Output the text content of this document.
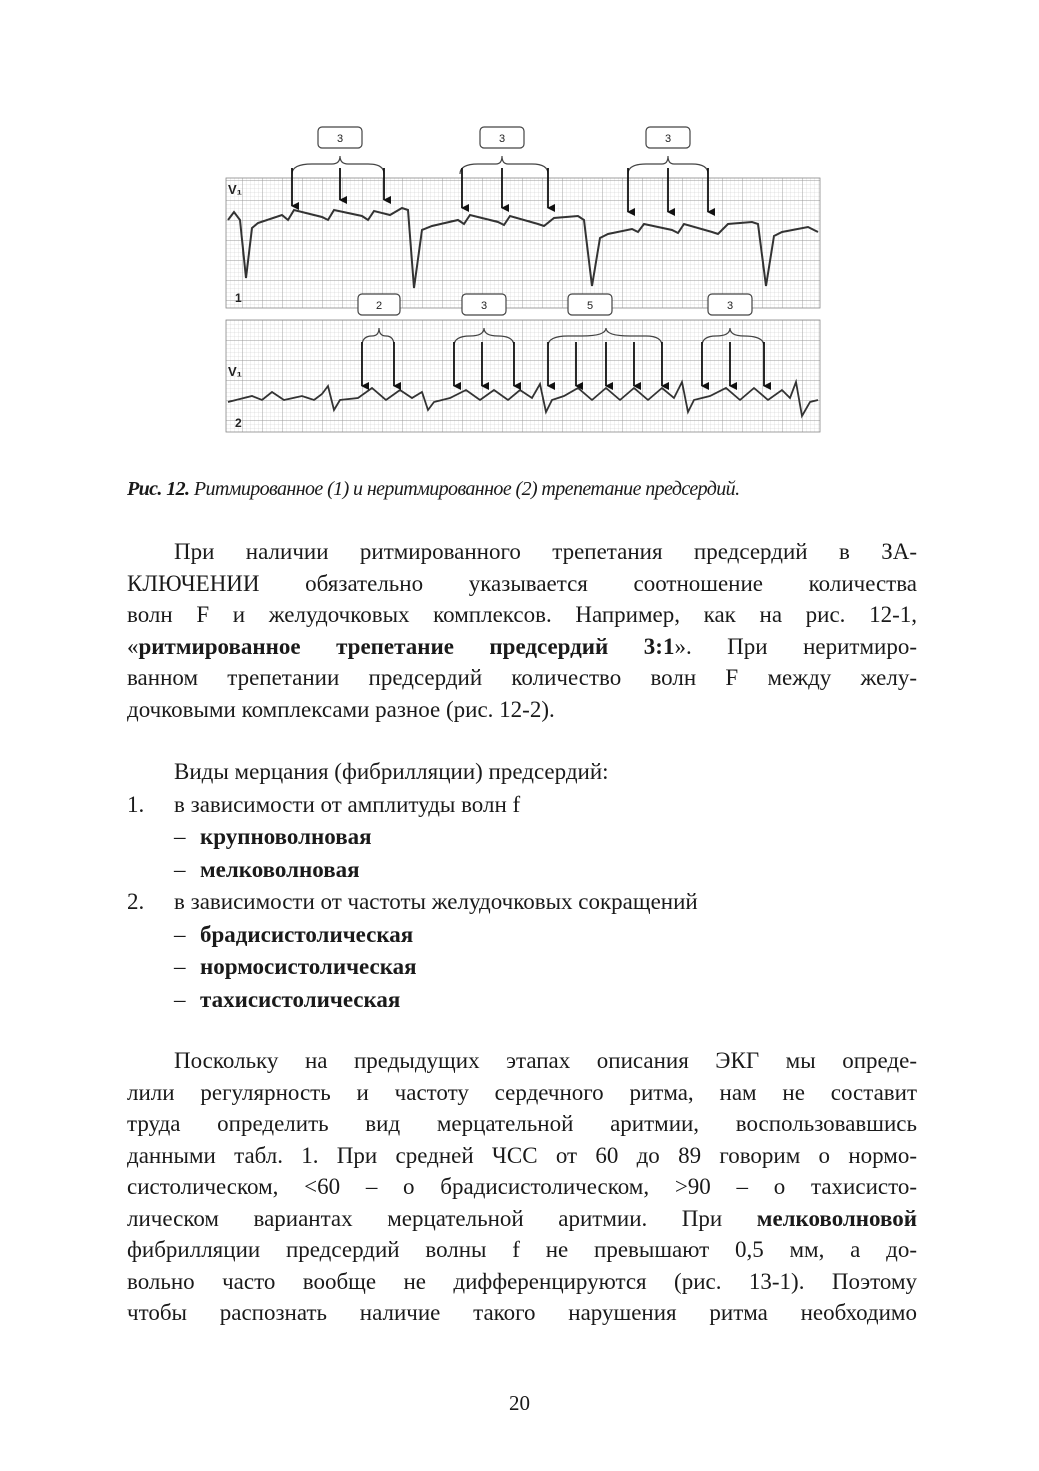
V₁
V₁
1
2
3	3	3
2	3	5	3
Рис. 12. Ритмированное (1) и неритмированное (2) трепетание предсердий.
При наличии ритмированного трепетания предсердий в ЗА-
КЛЮЧЕНИИ обязательно указывается соотношение количества
волн F и желудочковых комплексов. Например, как на рис. 12-1,
«ритмированное трепетание предсердий 3:1». При неритмиро-
ванном трепетании предсердий количество волн F между желу-
дочковыми комплексами разное (рис. 12-2).
Виды мерцания (фибрилляции) предсердий:
1. в зависимости от амплитуды волн f
– крупноволновая
– мелковолновая
2. в зависимости от частоты желудочковых сокращений
– брадисистолическая
– нормосистолическая
– тахисистолическая
Поскольку на предыдущих этапах описания ЭКГ мы опреде-
лили регулярность и частоту сердечного ритма, нам не составит
труда определить вид мерцательной аритмии, воспользовавшись
данными табл. 1. При средней ЧСС от 60 до 89 говорим о нормо-
систолическом, <60 – о брадисистолическом, >90 – о тахисисто-
лическом вариантах мерцательной аритмии. При мелковолновой
фибрилляции предсердий волны f не превышают 0,5 мм, а до-
вольно часто вообще не дифференцируются (рис. 13-1). Поэтому
чтобы распознать наличие такого нарушения ритма необходимо
20
